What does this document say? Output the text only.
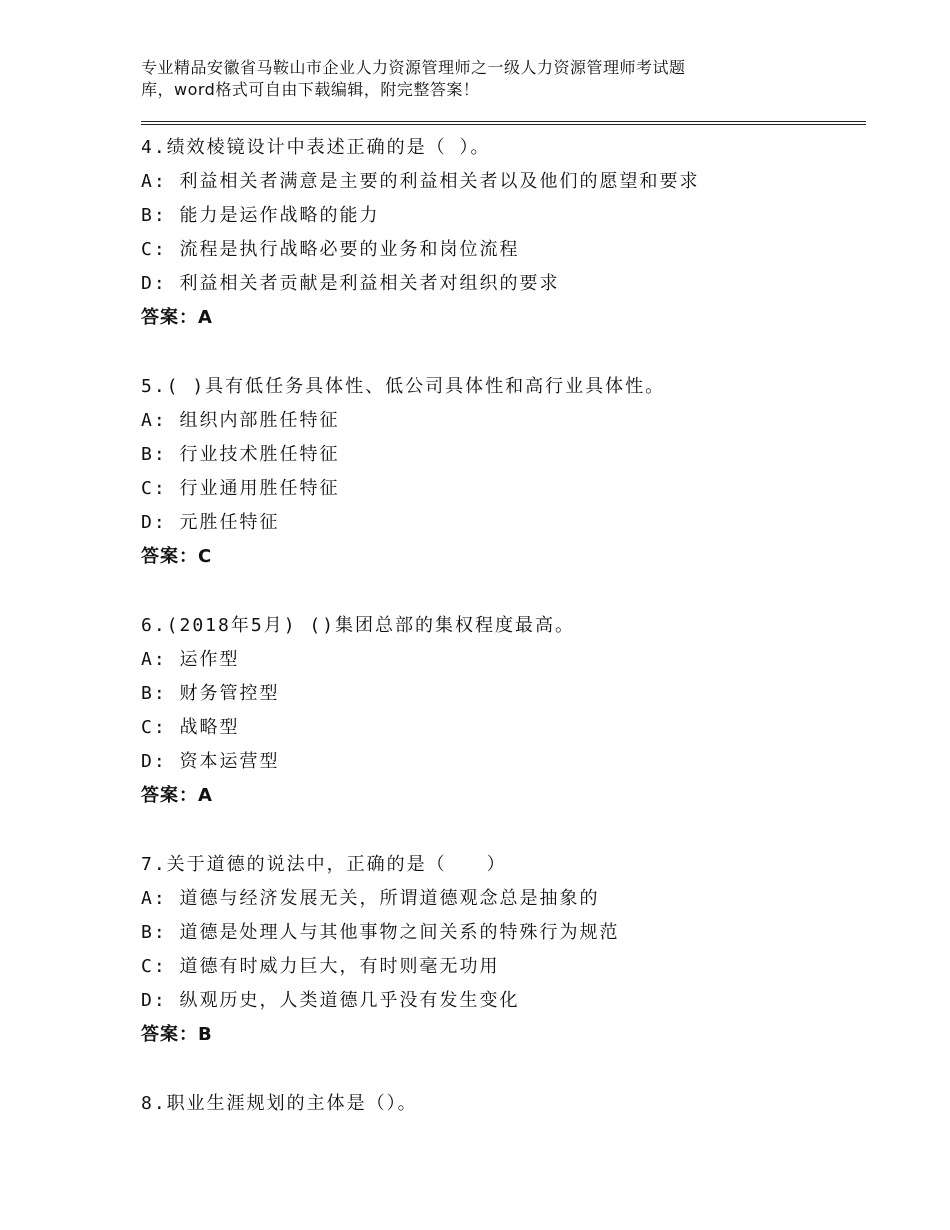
专业精品安徽省马鞍山市企业人力资源管理师之一级人力资源管理师考试题
库，word格式可自由下载编辑，附完整答案！
4.绩效棱镜设计中表述正确的是（ ）。
A: 利益相关者满意是主要的利益相关者以及他们的愿望和要求
B: 能力是运作战略的能力
C: 流程是执行战略必要的业务和岗位流程
D: 利益相关者贡献是利益相关者对组织的要求
答案：A
5.( )具有低任务具体性、低公司具体性和高行业具体性。
A: 组织内部胜任特征
B: 行业技术胜任特征
C: 行业通用胜任特征
D: 元胜任特征
答案：C
6.(2018年5月) ()集团总部的集权程度最高。
A: 运作型
B: 财务管控型
C: 战略型
D: 资本运营型
答案：A
7.关于道德的说法中，正确的是（　　）
A: 道德与经济发展无关，所谓道德观念总是抽象的
B: 道德是处理人与其他事物之间关系的特殊行为规范
C: 道德有时威力巨大，有时则毫无功用
D: 纵观历史，人类道德几乎没有发生变化
答案：B
8.职业生涯规划的主体是（）。
